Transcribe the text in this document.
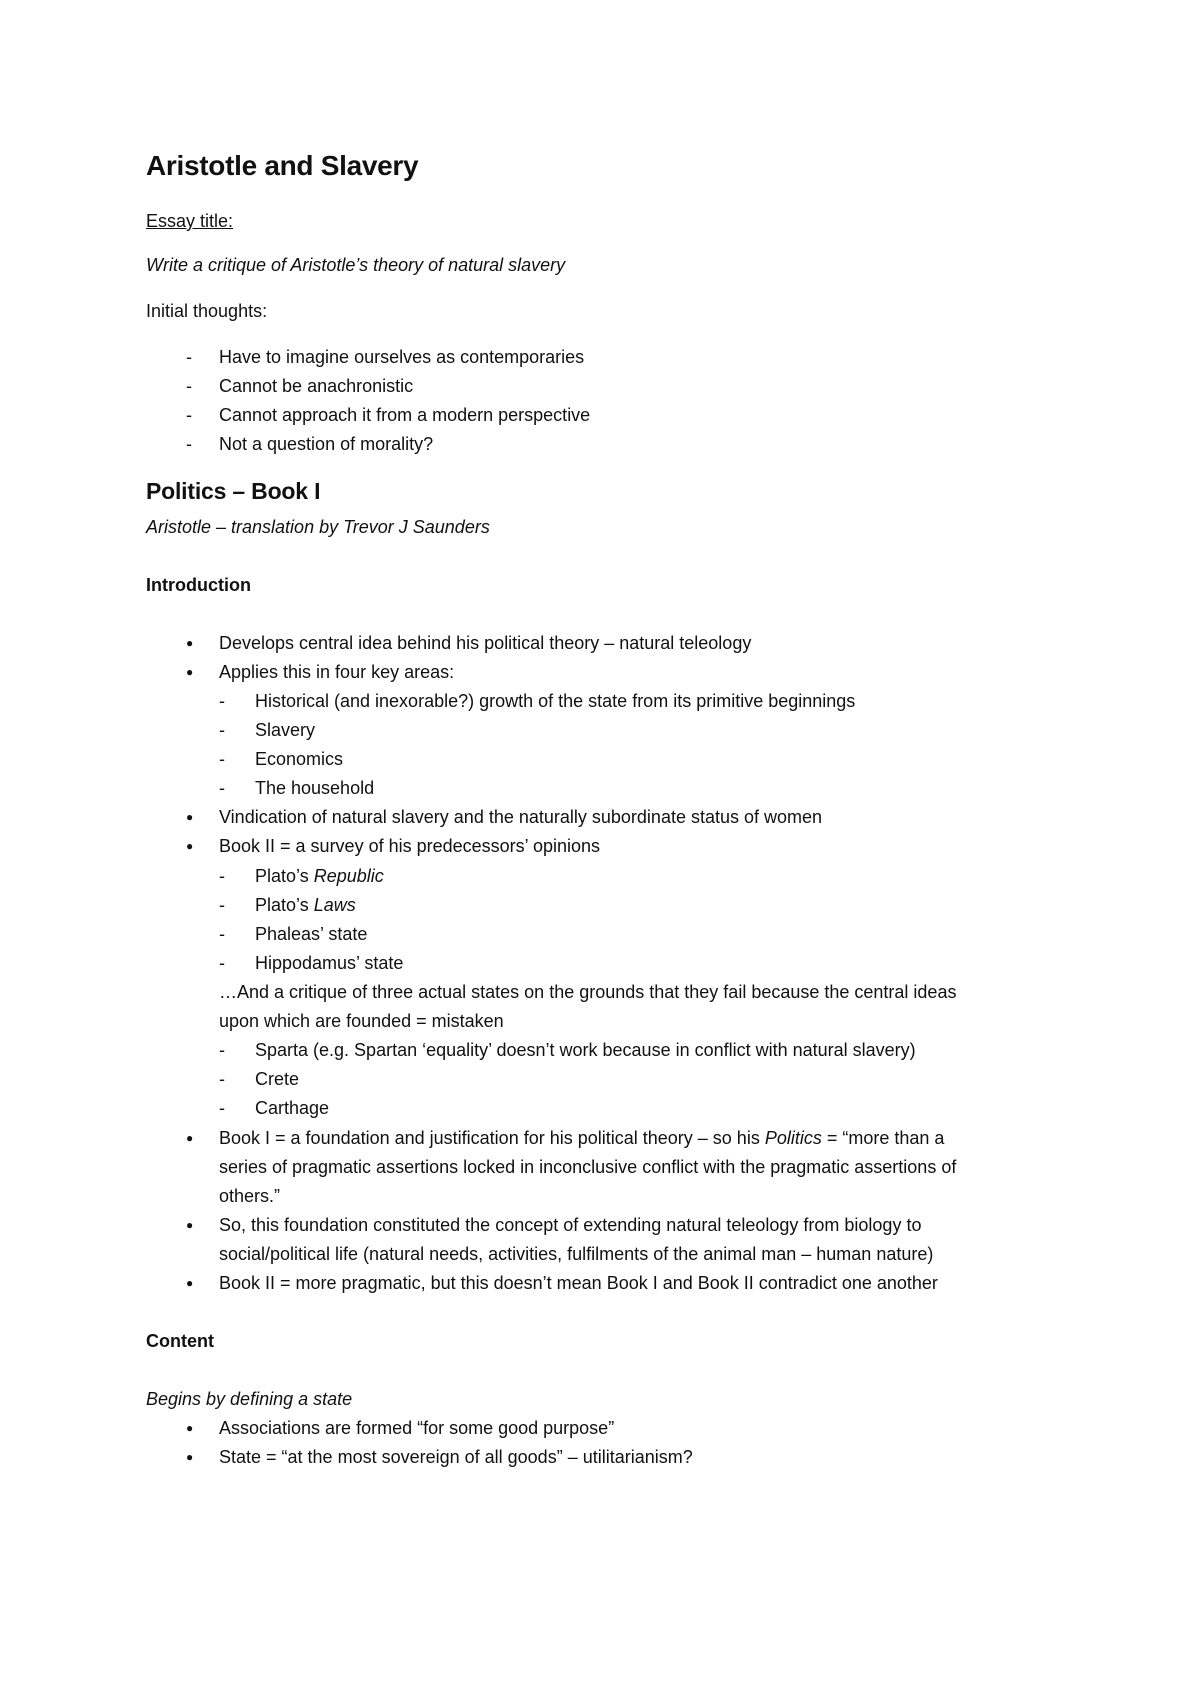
Aristotle and Slavery
Essay title:
Write a critique of Aristotle’s theory of natural slavery
Initial thoughts:
- Have to imagine ourselves as contemporaries
- Cannot be anachronistic
- Cannot approach it from a modern perspective
- Not a question of morality?
Politics – Book I
Aristotle – translation by Trevor J Saunders
Introduction
● Develops central idea behind his political theory – natural teleology
● Applies this in four key areas:
- Historical (and inexorable?) growth of the state from its primitive beginnings
- Slavery
- Economics
- The household
● Vindication of natural slavery and the naturally subordinate status of women
● Book II = a survey of his predecessors’ opinions
- Plato’s Republic
- Plato’s Laws
- Phaleas’ state
- Hippodamus’ state
…And a critique of three actual states on the grounds that they fail because the central ideas
upon which are founded = mistaken
- Sparta (e.g. Spartan ‘equality’ doesn’t work because in conflict with natural slavery)
- Crete
- Carthage
● Book I = a foundation and justification for his political theory – so his Politics = “more than a
series of pragmatic assertions locked in inconclusive conflict with the pragmatic assertions of
others.”
● So, this foundation constituted the concept of extending natural teleology from biology to
social/political life (natural needs, activities, fulfilments of the animal man – human nature)
● Book II = more pragmatic, but this doesn’t mean Book I and Book II contradict one another
Content
Begins by defining a state
● Associations are formed “for some good purpose”
● State = “at the most sovereign of all goods” – utilitarianism?
